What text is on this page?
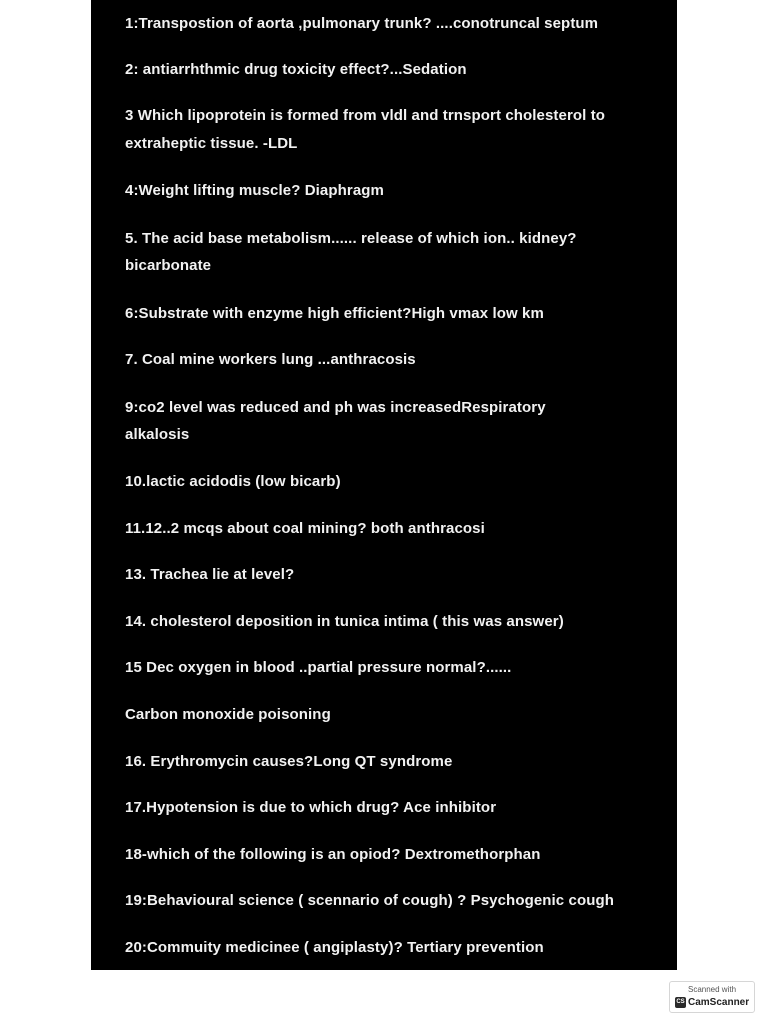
1:Transpostion of aorta ,pulmonary trunk? ....conotruncal septum

2: antiarrhthmic drug toxicity effect?...Sedation

3 Which lipoprotein is formed from vldl and trnsport cholesterol to

extraheptic tissue. -LDL

4:Weight lifting muscle? Diaphragm

5. The acid base metabolism...... release of which ion.. kidney?

bicarbonate

6:Substrate with enzyme high efficient?High vmax low km

7. Coal mine workers lung ...anthracosis

9:co2 level was reduced and ph was increasedRespiratory

alkalosis

10.lactic acidodis (low bicarb)

11.12..2 mcqs about coal mining? both anthracosi

13. Trachea lie at level?

14. cholesterol deposition in tunica intima ( this was answer)

15 Dec oxygen in blood ..partial pressure normal?......

Carbon monoxide poisoning

16. Erythromycin causes?Long QT syndrome

17.Hypotension is due to which drug? Ace inhibitor

18-which of the following is an opiod? Dextromethorphan

19:Behavioural science ( scennario of cough) ? Psychogenic cough

20:Commuity medicinee ( angiplasty)? Tertiary prevention

Scanned with
CS CamScanner
